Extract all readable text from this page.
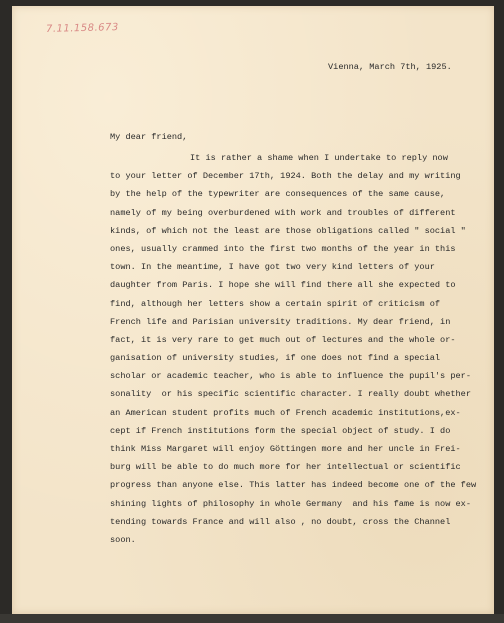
7.11.158.673

Vienna, March 7th, 1925.

My dear friend,

It is rather a shame when I undertake to reply now
to your letter of December 17th, 1924. Both the delay and my writing
by the help of the typewriter are consequences of the same cause,
namely of my being overburdened with work and troubles of different
kinds, of which not the least are those obligations called " social "
ones, usually crammed into the first two months of the year in this
town. In the meantime, I have got two very kind letters of your
daughter from Paris. I hope she will find there all she expected to
find, although her letters show a certain spirit of criticism of
French life and Parisian university traditions. My dear friend, in
fact, it is very rare to get much out of lectures and the whole or-
ganisation of university studies, if one does not find a special
scholar or academic teacher, who is able to influence the pupil's per-
sonality  or his specific scientific character. I really doubt whether
an American student profits much of French academic institutions,ex-
cept if French institutions form the special object of study. I do
think Miss Margaret will enjoy Göttingen more and her uncle in Frei-
burg will be able to do much more for her intellectual or scientific
progress than anyone else. This latter has indeed become one of the few
shining lights of philosophy in whole Germany  and his fame is now ex-
tending towards France and will also , no doubt, cross the Channel
soon.
